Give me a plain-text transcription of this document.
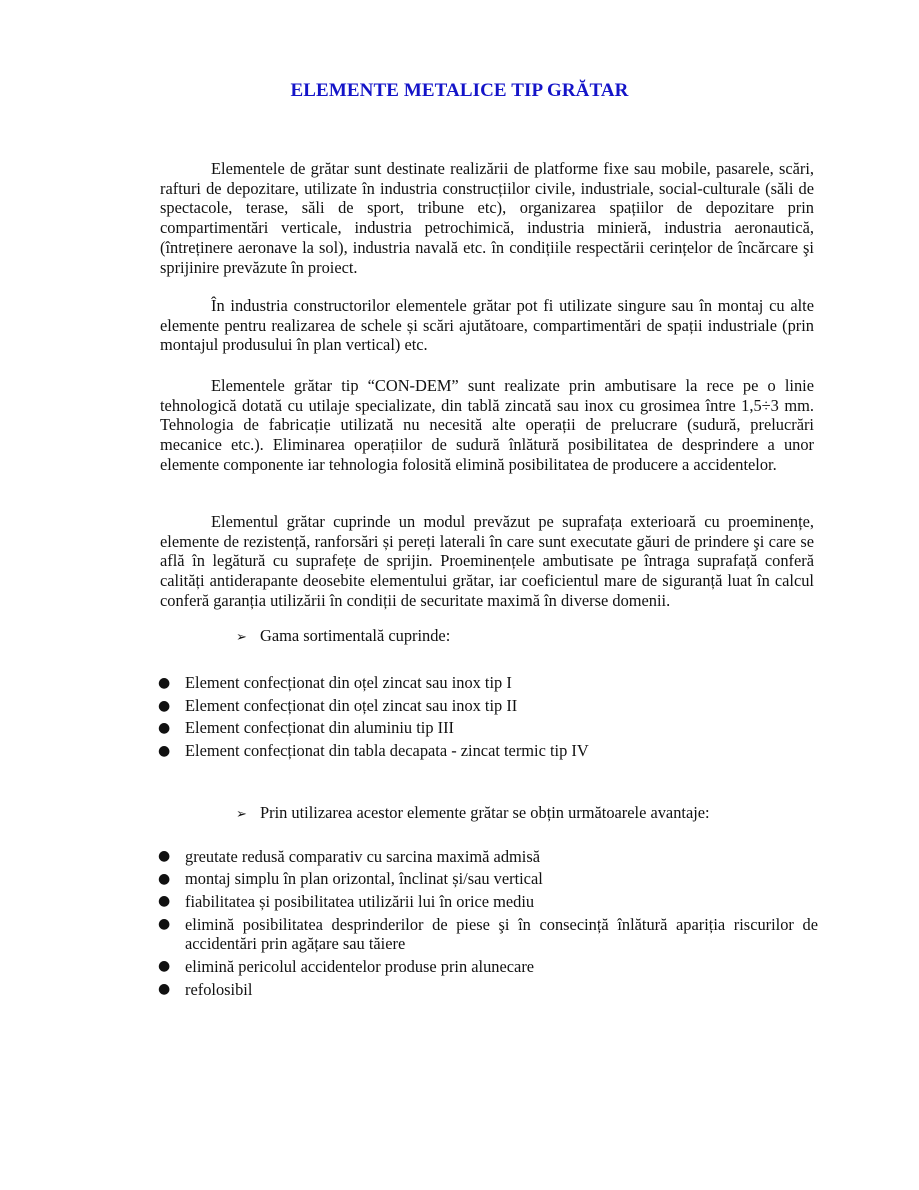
ELEMENTE METALICE TIP GRĂTAR

Elementele de grătar sunt destinate realizării de platforme fixe sau mobile, pasarele, scări, rafturi de depozitare, utilizate în industria construcțiilor civile, industriale, social-culturale (săli de spectacole, terase, săli de sport, tribune etc), organizarea spațiilor de depozitare prin compartimentări verticale, industria petrochimică, industria minieră, industria aeronautică, (întreținere aeronave la sol), industria navală etc. în condițiile respectării cerințelor de încărcare şi sprijinire prevăzute în proiect.

În industria constructorilor elementele grătar pot fi utilizate singure sau în montaj cu alte elemente pentru realizarea de schele și scări ajutătoare, compartimentări de spații industriale (prin montajul produsului în plan vertical) etc.

Elementele grătar tip “CON-DEM” sunt realizate prin ambutisare la rece pe o linie tehnologică dotată cu utilaje specializate, din tablă zincată sau inox cu grosimea între 1,5÷3 mm. Tehnologia de fabricație utilizată nu necesită alte operații de prelucrare (sudură, prelucrări mecanice etc.). Eliminarea operațiilor de sudură înlătură posibilitatea de desprindere a unor elemente componente iar tehnologia folosită elimină posibilitatea de producere a accidentelor.

Elementul grătar cuprinde un modul prevăzut pe suprafața exterioară cu proeminențe, elemente de rezistență, ranforsări și pereți laterali în care sunt executate găuri de prindere şi care se află în legătură cu suprafețe de sprijin. Proeminențele ambutisate pe întraga suprafață conferă calități antiderapante deosebite elementului grătar, iar coeficientul mare de siguranță luat în calcul conferă garanția utilizării în condiții de securitate maximă în diverse domenii.

➢ Gama sortimentală cuprinde:
● Element confecționat din oțel zincat sau inox tip I
● Element confecționat din oțel zincat sau inox tip II
● Element confecționat din aluminiu tip III
● Element confecționat din tabla decapata - zincat termic tip IV
➢ Prin utilizarea acestor elemente grătar se obțin următoarele avantaje:
● greutate redusă comparativ cu sarcina maximă admisă
● montaj simplu în plan orizontal, înclinat și/sau vertical
● fiabilitatea și posibilitatea utilizării lui în orice mediu
● elimină posibilitatea desprinderilor de piese şi în consecință înlătură apariția riscurilor de accidentări prin agățare sau tăiere
● elimină pericolul accidentelor produse prin alunecare
● refolosibil
